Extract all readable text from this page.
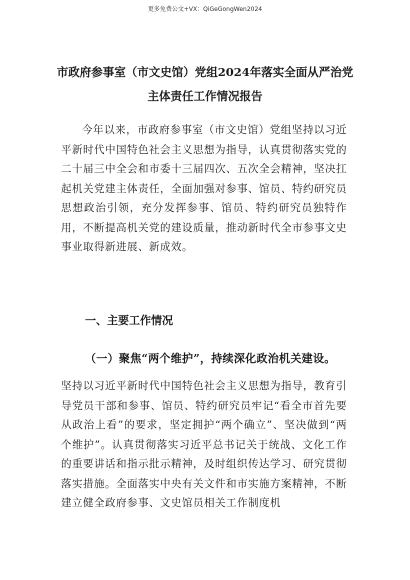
更多免费公文+VX：QiGeGongWen2024
市政府参事室（市文史馆）党组2024年落实全面从严治党
主体责任工作情况报告
今年以来，市政府参事室（市文史馆）党组坚持以习近平新时代中国特色社会主义思想为指导，认真贯彻落实党的二十届三中全会和市委十三届四次、五次全会精神，坚决扛起机关党建主体责任，全面加强对参事、馆员、特约研究员思想政治引领，充分发挥参事、馆员、特约研究员独特作用，不断提高机关党的建设质量，推动新时代全市参事文史事业取得新进展、新成效。
一、主要工作情况
（一）聚焦“两个维护”，持续深化政治机关建设。
坚持以习近平新时代中国特色社会主义思想为指导，教育引导党员干部和参事、馆员、特约研究员牢记“看全市首先要从政治上看”的要求，坚定拥护“两个确立”、坚决做到“两个维护”。认真贯彻落实习近平总书记关于统战、文化工作的重要讲话和指示批示精神，及时组织传达学习、研究贯彻落实措施。全面落实中央有关文件和市实施方案精神，不断建立健全政府参事、文史馆员相关工作制度机
